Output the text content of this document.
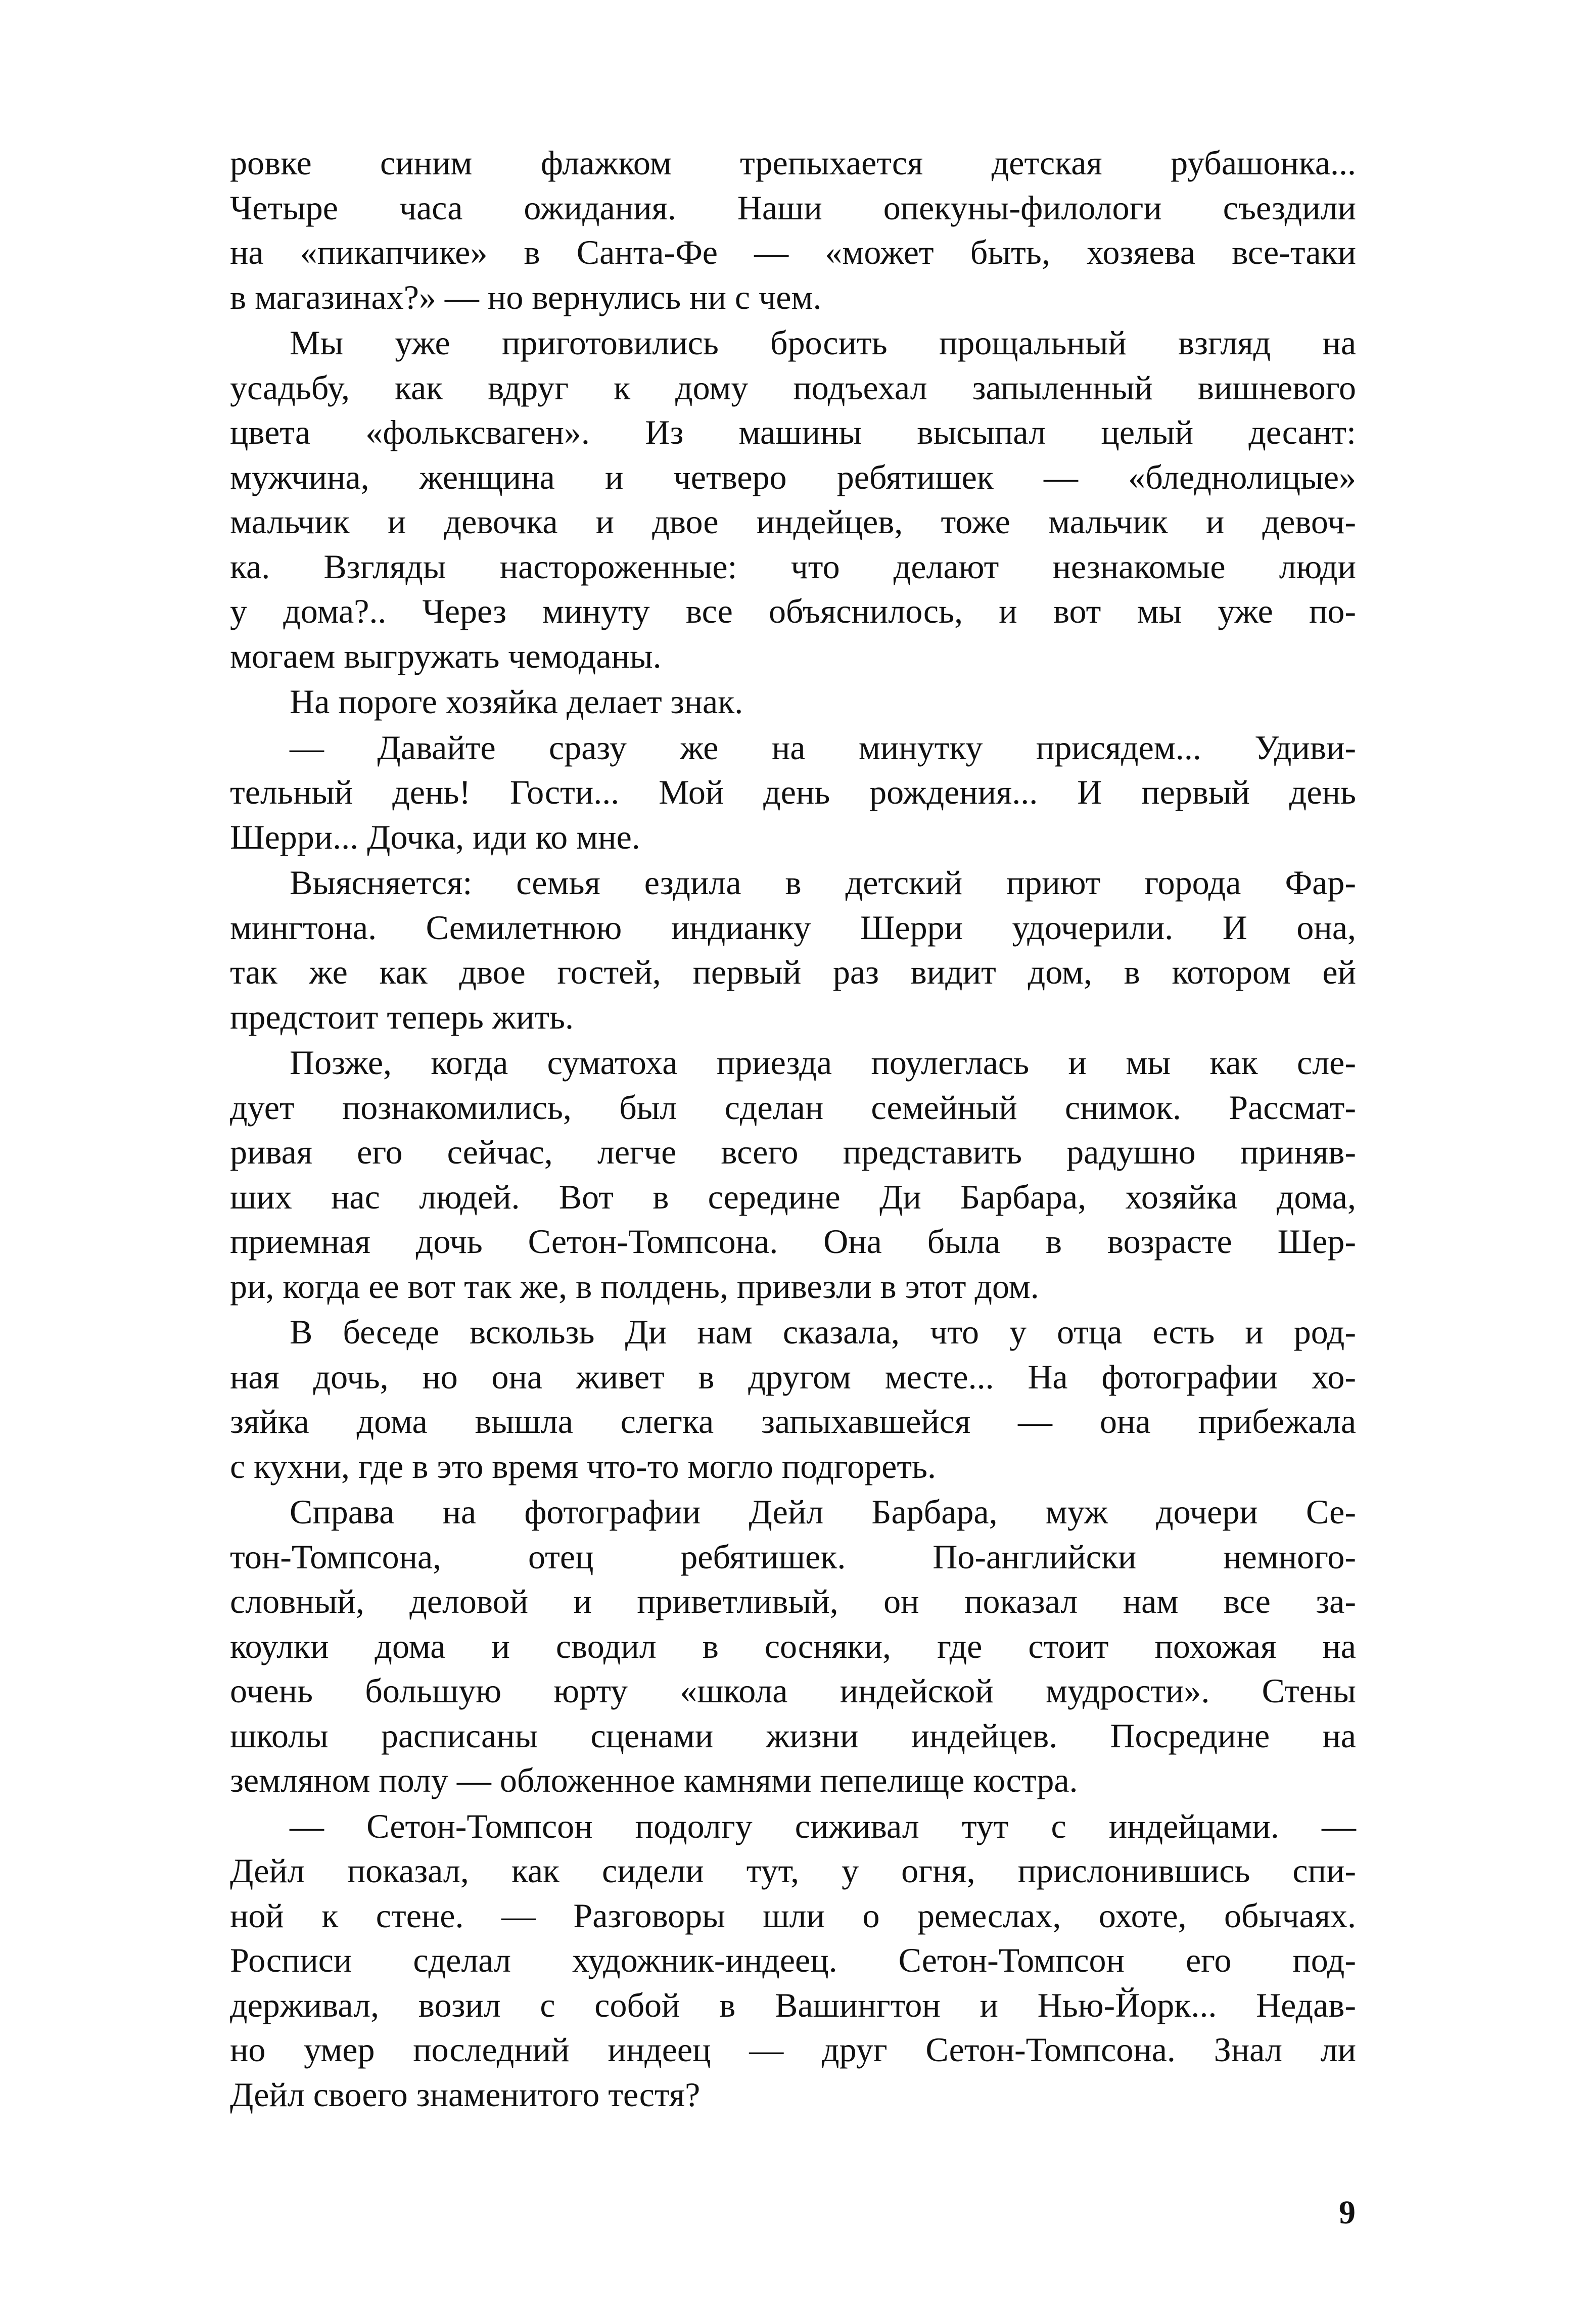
ровке синим флажком трепыхается детская рубашонка...
Четыре часа ожидания. Наши опекуны-филологи съездили
на «пикапчике» в Санта-Фе — «может быть, хозяева все-таки
в магазинах?» — но вернулись ни с чем.
Мы уже приготовились бросить прощальный взгляд на
усадьбу, как вдруг к дому подъехал запыленный вишневого
цвета «фольксваген». Из машины высыпал целый десант:
мужчина, женщина и четверо ребятишек — «бледнолицые»
мальчик и девочка и двое индейцев, тоже мальчик и девоч-
ка. Взгляды настороженные: что делают незнакомые люди
у дома?.. Через минуту все объяснилось, и вот мы уже по-
могаем выгружать чемоданы.
На пороге хозяйка делает знак.
— Давайте сразу же на минутку присядем... Удиви-
тельный день! Гости... Мой день рождения... И первый день
Шерри... Дочка, иди ко мне.
Выясняется: семья ездила в детский приют города Фар-
мингтона. Семилетнюю индианку Шерри удочерили. И она,
так же как двое гостей, первый раз видит дом, в котором ей
предстоит теперь жить.
Позже, когда суматоха приезда поулеглась и мы как сле-
дует познакомились, был сделан семейный снимок. Рассмат-
ривая его сейчас, легче всего представить радушно приняв-
ших нас людей. Вот в середине Ди Барбара, хозяйка дома,
приемная дочь Сетон-Томпсона. Она была в возрасте Шер-
ри, когда ее вот так же, в полдень, привезли в этот дом.
В беседе вскользь Ди нам сказала, что у отца есть и род-
ная дочь, но она живет в другом месте... На фотографии хо-
зяйка дома вышла слегка запыхавшейся — она прибежала
с кухни, где в это время что-то могло подгореть.
Справа на фотографии Дейл Барбара, муж дочери Се-
тон-Томпсона, отец ребятишек. По-английски немного-
словный, деловой и приветливый, он показал нам все за-
коулки дома и сводил в сосняки, где стоит похожая на
очень большую юрту «школа индейской мудрости». Стены
школы расписаны сценами жизни индейцев. Посредине на
земляном полу — обложенное камнями пепелище костра.
— Сетон-Томпсон подолгу сиживал тут с индейцами. —
Дейл показал, как сидели тут, у огня, прислонившись спи-
ной к стене. — Разговоры шли о ремеслах, охоте, обычаях.
Росписи сделал художник-индеец. Сетон-Томпсон его под-
держивал, возил с собой в Вашингтон и Нью-Йорк... Недав-
но умер последний индеец — друг Сетон-Томпсона. Знал ли
Дейл своего знаменитого тестя?
9
